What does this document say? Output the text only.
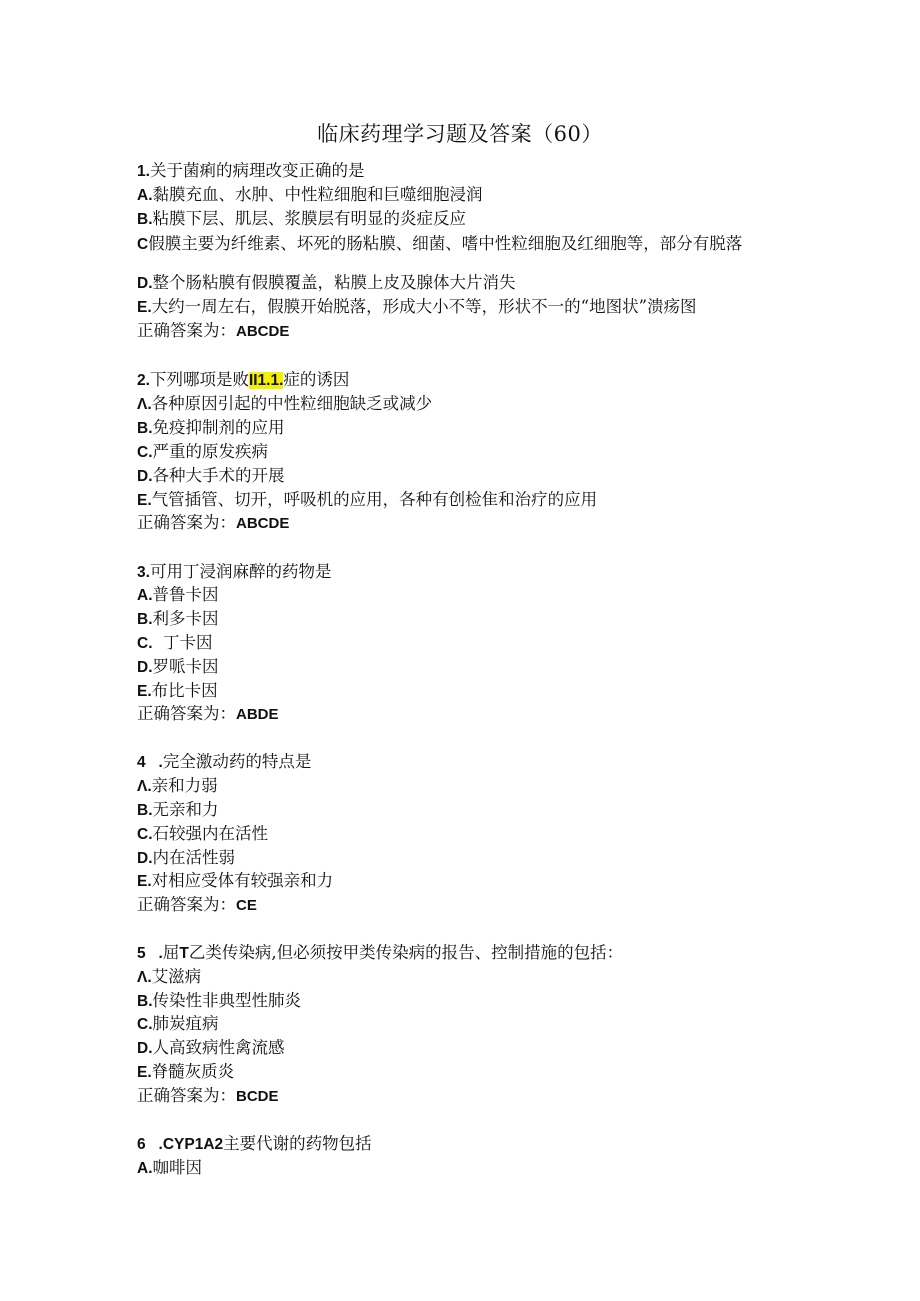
临床药理学习题及答案（60）
1.关于菌痢的病理改变正确的是
A.黏膜充血、水肿、中性粒细胞和巨噬细胞浸润
B.粘膜下层、肌层、浆膜层有明显的炎症反应
C假膜主要为纤维素、坏死的肠粘膜、细菌、嗜中性粒细胞及红细胞等，部分有脱落
D.整个肠粘膜有假膜覆盖，粘膜上皮及腺体大片消失
E.大约一周左右，假膜开始脱落，形成大小不等，形状不一的“地图状”溃疡图
正确答案为：ABCDE
2.下列哪项是败II1.1.症的诱因
Λ.各种原因引起的中性粒细胞缺乏或减少
B.免疫抑制剂的应用
C.严重的原发疾病
D.各种大手术的开展
E.气管插管、切开，呼吸机的应用，各种有创检隹和治疗的应用
正确答案为：ABCDE
3.可用丁浸润麻醉的药物是
A.普鲁卡因
B.利多卡因
C.  丁卡因
D.罗哌卡因
E.布比卡因
正确答案为：ABDE
4   .完全激动药的特点是
Λ.亲和力弱
B.无亲和力
C.石较强内在活性
D.内在活性弱
E.对相应受体有较强亲和力
正确答案为：CE
5   .屈T乙类传染病,但必须按甲类传染病的报告、控制措施的包括：
Λ.艾滋病
B.传染性非典型性肺炎
C.肺炭疽病
D.人高致病性禽流感
E.脊髓灰质炎
正确答案为：BCDE
6   .CYP1A2主要代谢的药物包括
A.咖啡因
